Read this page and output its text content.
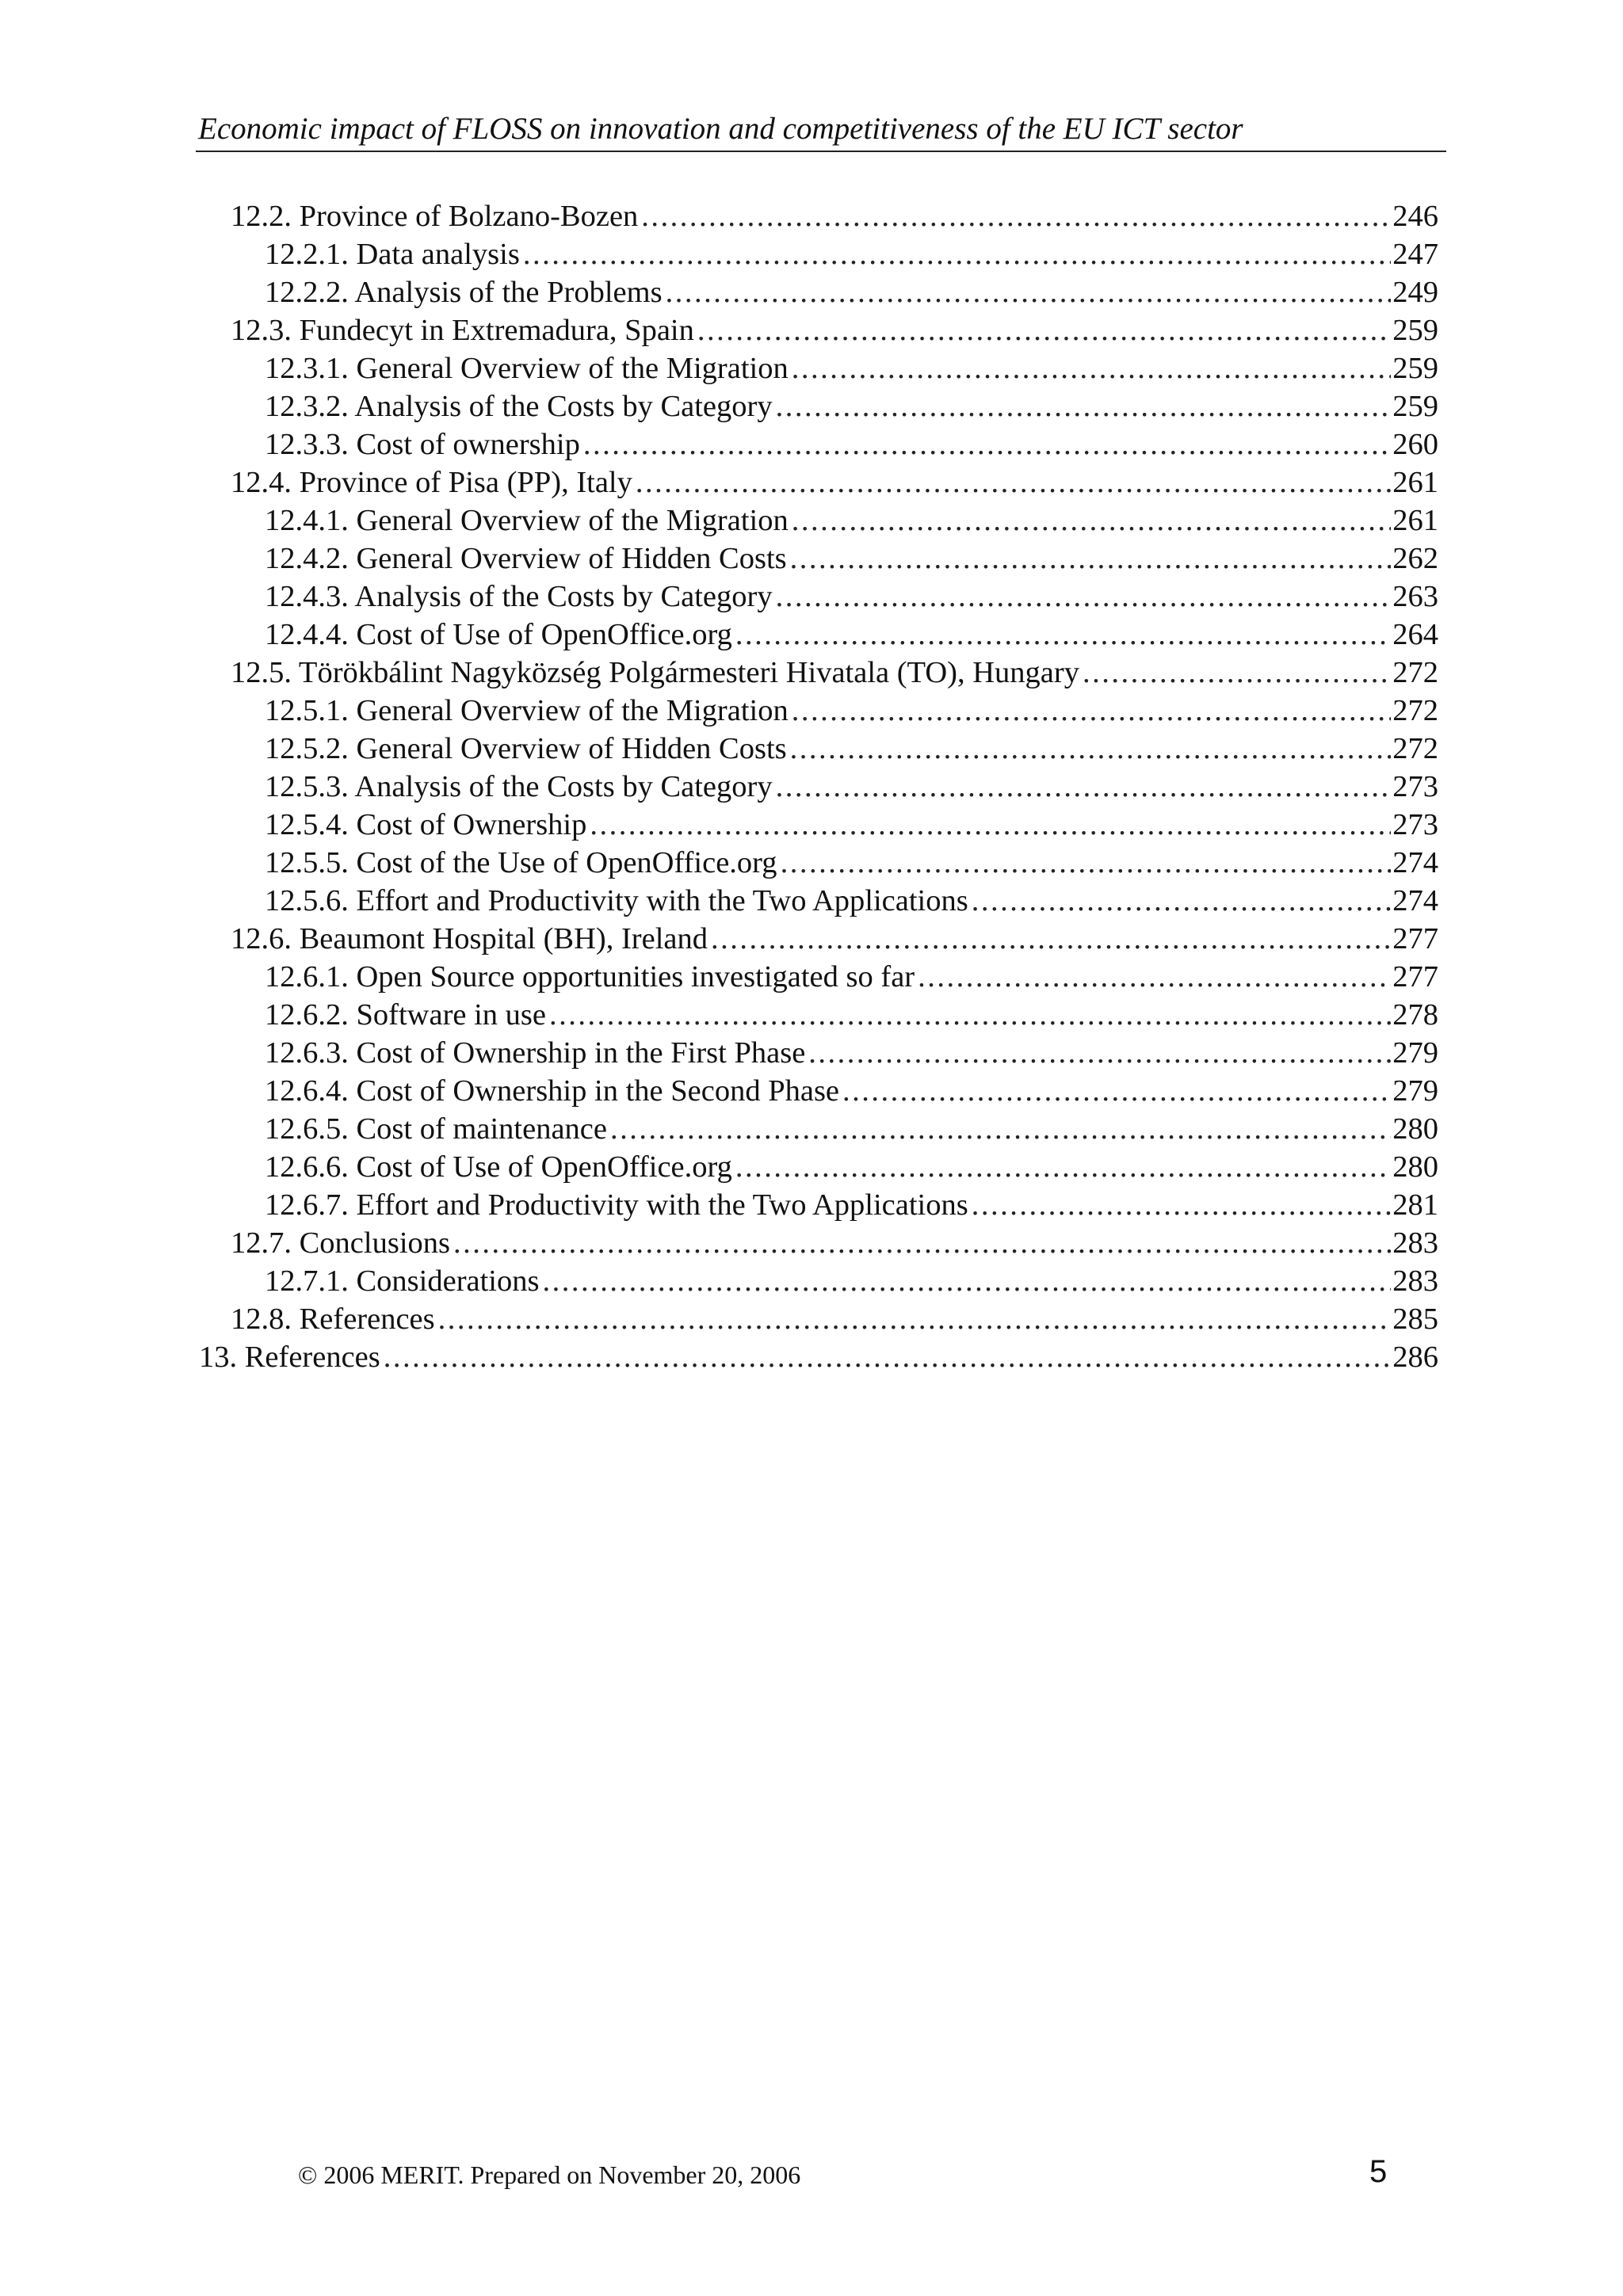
Economic impact of FLOSS on innovation and competitiveness of the EU ICT sector
12.2. Province of Bolzano-Bozen .....	246
12.2.1. Data analysis .....	247
12.2.2. Analysis of the Problems .....	249
12.3. Fundecyt in Extremadura, Spain .....	259
12.3.1. General Overview of the Migration .....	259
12.3.2. Analysis of the Costs by Category .....	259
12.3.3. Cost of ownership .....	260
12.4. Province of Pisa (PP), Italy .....	261
12.4.1. General Overview of the Migration .....	261
12.4.2. General Overview of Hidden Costs .....	262
12.4.3. Analysis of the Costs by Category .....	263
12.4.4. Cost of Use of OpenOffice.org .....	264
12.5. Törökbálint Nagyközség Polgármesteri Hivatala (TO), Hungary .....	272
12.5.1. General Overview of the Migration .....	272
12.5.2. General Overview of Hidden Costs .....	272
12.5.3. Analysis of the Costs by Category .....	273
12.5.4. Cost of Ownership .....	273
12.5.5. Cost of the Use of OpenOffice.org .....	274
12.5.6. Effort and Productivity with the Two Applications .....	274
12.6. Beaumont Hospital (BH), Ireland .....	277
12.6.1. Open Source opportunities investigated so far .....	277
12.6.2. Software in use .....	278
12.6.3. Cost of Ownership in the First Phase .....	279
12.6.4. Cost of Ownership in the Second Phase .....	279
12.6.5. Cost of maintenance .....	280
12.6.6. Cost of Use of OpenOffice.org .....	280
12.6.7. Effort and Productivity with the Two Applications .....	281
12.7. Conclusions .....	283
12.7.1. Considerations .....	283
12.8. References .....	285
13. References .....	286
© 2006 MERIT. Prepared on November 20, 2006	5
